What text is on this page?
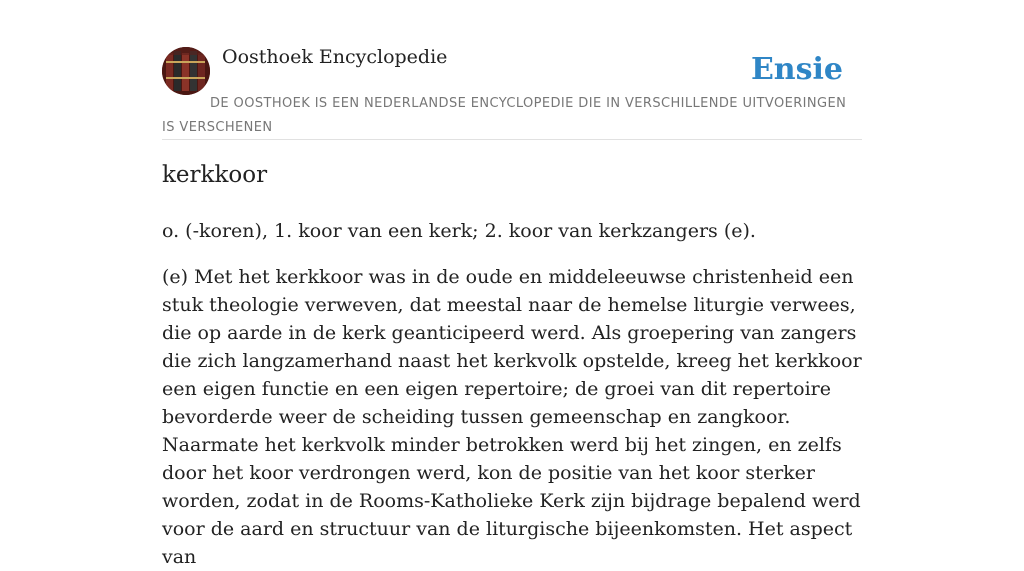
Oosthoek Encyclopedie	Ensie
DE OOSTHOEK IS EEN NEDERLANDSE ENCYCLOPEDIE DIE IN VERSCHILLENDE UITVOERINGEN IS VERSCHENEN
kerkkoor
o. (-koren), 1. koor van een kerk; 2. koor van kerkzangers (e).
(e) Met het kerkkoor was in de oude en middeleeuwse christenheid een stuk theologie verweven, dat meestal naar de hemelse liturgie verwees, die op aarde in de kerk geanticipeerd werd. Als groepering van zangers die zich langzamerhand naast het kerkvolk opstelde, kreeg het kerkkoor een eigen functie en een eigen repertoire; de groei van dit repertoire bevorderde weer de scheiding tussen gemeenschap en zangkoor. Naarmate het kerkvolk minder betrokken werd bij het zingen, en zelfs door het koor verdrongen werd, kon de positie van het koor sterker worden, zodat in de Rooms-Katholieke Kerk zijn bijdrage bepalend werd voor de aard en structuur van de liturgische bijeenkomsten. Het aspect van
